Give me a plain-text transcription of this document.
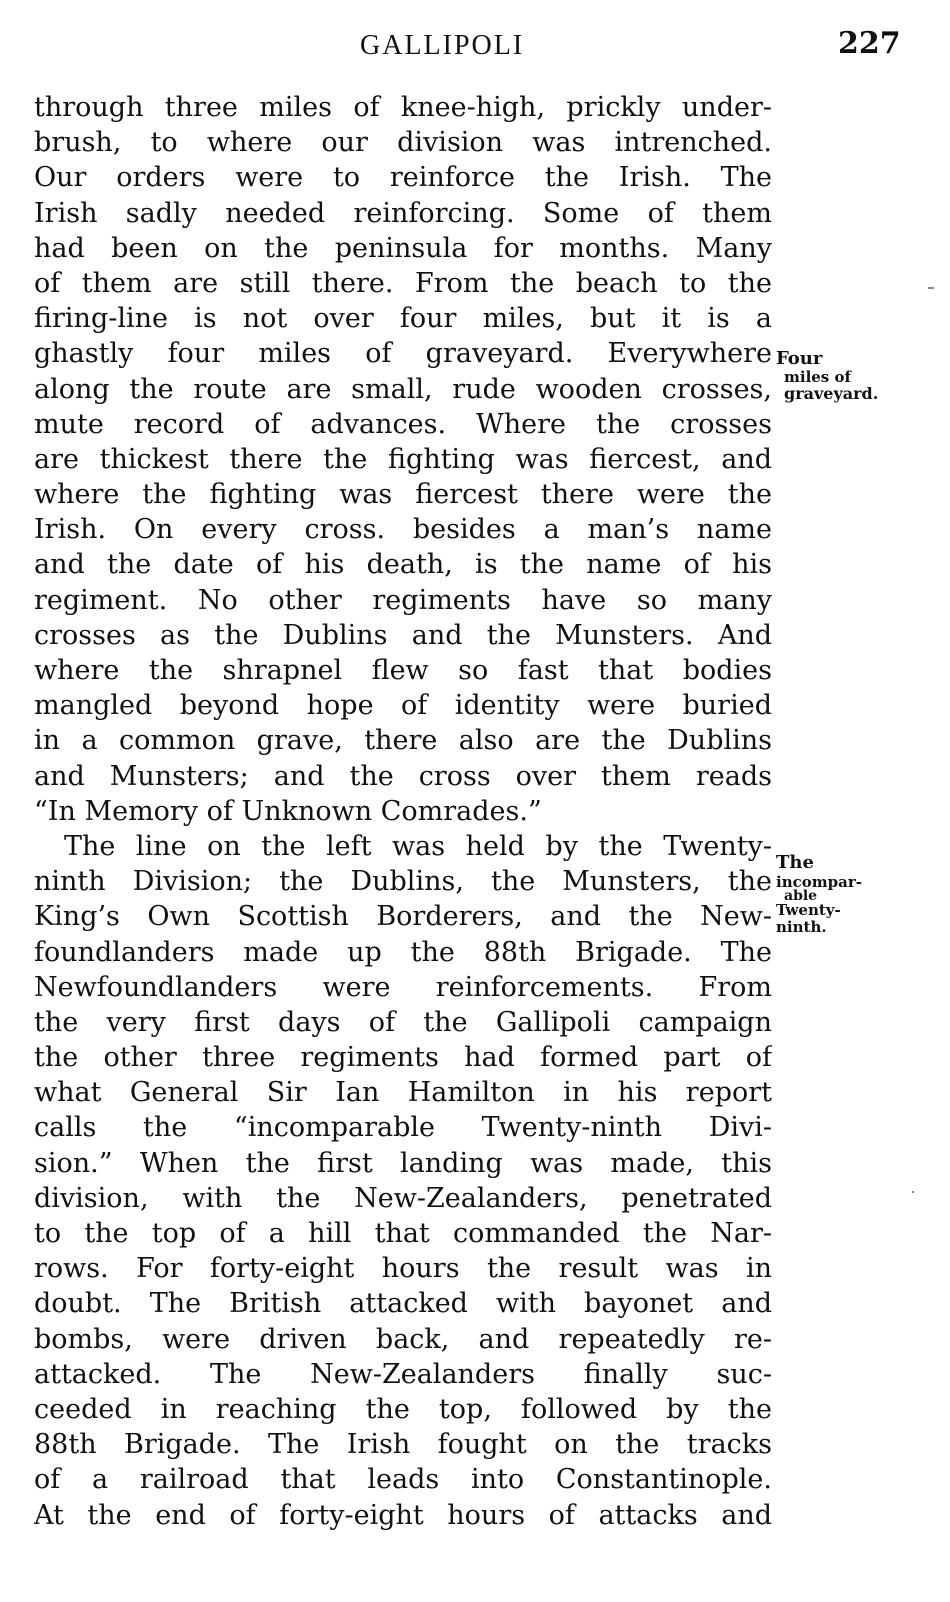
GALLIPOLI	227
through three miles of knee-high, prickly under-
brush, to where our division was intrenched.
Our orders were to reinforce the Irish. The
Irish sadly needed reinforcing. Some of them
had been on the peninsula for months. Many
of them are still there. From the beach to the
firing-line is not over four miles, but it is a
ghastly four miles of graveyard. Everywhere
along the route are small, rude wooden crosses,
mute record of advances. Where the crosses
are thickest there the fighting was fiercest, and
where the fighting was fiercest there were the
Irish. On every cross. besides a man’s name
and the date of his death, is the name of his
regiment. No other regiments have so many
crosses as the Dublins and the Munsters. And
where the shrapnel flew so fast that bodies
mangled beyond hope of identity were buried
in a common grave, there also are the Dublins
and Munsters; and the cross over them reads
“In Memory of Unknown Comrades.”
The line on the left was held by the Twenty-
ninth Division; the Dublins, the Munsters, the
King’s Own Scottish Borderers, and the New-
foundlanders made up the 88th Brigade. The
Newfoundlanders were reinforcements. From
the very first days of the Gallipoli campaign
the other three regiments had formed part of
what General Sir Ian Hamilton in his report
calls the “incomparable Twenty-ninth Divi-
sion.” When the first landing was made, this
division, with the New-Zealanders, penetrated
to the top of a hill that commanded the Nar-
rows. For forty-eight hours the result was in
doubt. The British attacked with bayonet and
bombs, were driven back, and repeatedly re-
attacked. The New-Zealanders finally suc-
ceeded in reaching the top, followed by the
88th Brigade. The Irish fought on the tracks
of a railroad that leads into Constantinople.
At the end of forty-eight hours of attacks and
Four
miles of
graveyard.
The
incompar-
able
Twenty-
ninth.
